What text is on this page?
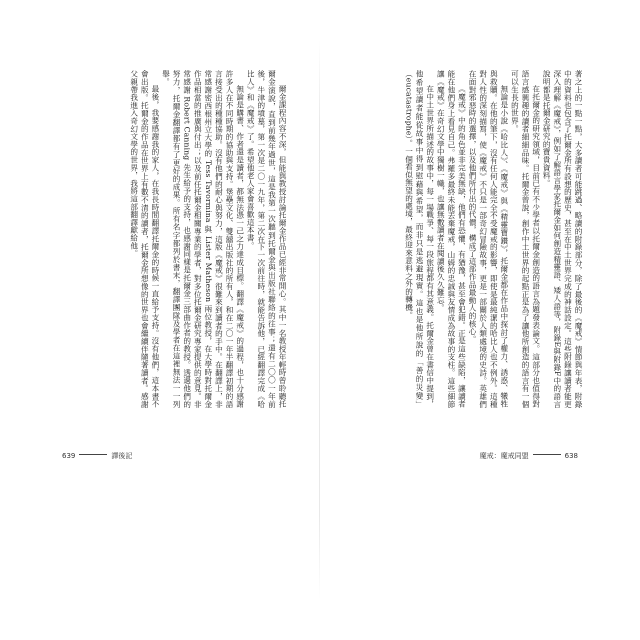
爾金課程內容不深，但能與教授討論托爾金作品已經非常開心。其中一名教授年輕時曾聆聽托爾金演說，直到前幾年過世，這是我第一次聽到托爾金與出版社聯絡的往事；還有二〇〇一年前後，牛津的墳墓，第一次是二〇一九年，第二次在下一次前往時，就能告訴他，已經翻譯完成《哈比人》和《魔戒》了。希望他老人家會喜歡這本書。

無論是購書、作者還是讀者，都無法憑一己之力達成目標。翻譯《魔戒》的過程，也十分感謝許多人在不同時期的協助與支持。堡壘文化、雙囍出版社的所有人，和在二〇一年半翻譯初期的語言接受出的種種協助。沒有他們的耐心與努力，這版《魔戒》很難來到讀者的手中。在翻譯上，非常感謝密西根州立大學的 Tess Tavormina 與 Lister Matheson 兩位教授，在大學時對托爾金作品相當的推廣與付出；以及前任托爾金相關專業的學者，對多位托爾金研究專家提供的意見。非常感謝 Robert Canning 先生給予的支持，也感謝同樣是托爾金三部曲作者的教授。透過他們的努力，托爾金翻譯都有了更好的成果。所有名字都列於書末，翻譯團隊及學者在這裡無法一一列舉。

最後，我要感謝我的家人，在我長時間翻譯托爾金的時候一直給予支持。沒有他們，這本書不會出版。托爾金的作品在世界上有數不清的讀者，托爾金所想像的世界也會繼續伴隨著讀者。感謝父親帶我進入奇幻文學的世界，我將這部翻譯獻給他。

639	譯後記

著之上的一點一點，大多讀者可能跳過、略讀的附錄部分，除了最後的《魔戒》情節與年表，附錄中的資料也包含了托爾金所有設想的歷史，甚至在中土世界完成的神話設定。這些附錄讓讀者能更深入理解《魔戒》，例如了解語言學家托爾金如何創造精靈語、矮人語等，附錄E與附錄F中的語言說明都是托爾金研究的寶貴資料。

在托爾金的研究領域，目前已有不少學者以托爾金創造的語言為題發表論文。這部分也值得對語言感興趣的讀者細細品味。托爾金曾說，創作中土世界的起點正是為了讓他所創造的語言有一個可以生長的世界。

無論是小說《哈比人》、《魔戒》與《精靈寶鑽》，托爾金都在作品中探討了權力、誘惑、犧牲與救贖。在他的筆下，沒有任何人能完全不受魔戒的影響，即使是最純潔的哈比人也不例外。這種對人性的深刻描寫，使《魔戒》不只是一部奇幻冒險故事，更是一部關於人類處境的史詩。英雄們在面對邪惡時的選擇，以及他們所付出的代價，構成了這部作品最動人的核心。

《魔戒》中的角色並非完美無缺，他們有恐懼、有猶豫，甚至會犯錯。正是這些缺陷，讓讀者能在他們身上看見自己。弗羅多最終未能丟棄魔戒，山姆的忠誠與友情成為故事的支柱。這些細節讓《魔戒》在奇幻文學中獨樹一幟，也讓無數讀者在閱讀後久久難忘。

在中土世界所描述的故事中，每一場戰爭、每一段旅程都有其意義。托爾金曾在書信中提到，他希望讀者能從故事中得到慰藉與希望，而非只是逃避現實。這也是他所說的「善的災變」（eucatastrophe）。一個看似無望的處境，最終迎來意料之外的轉機。

魔戒：魔戒同盟	638
